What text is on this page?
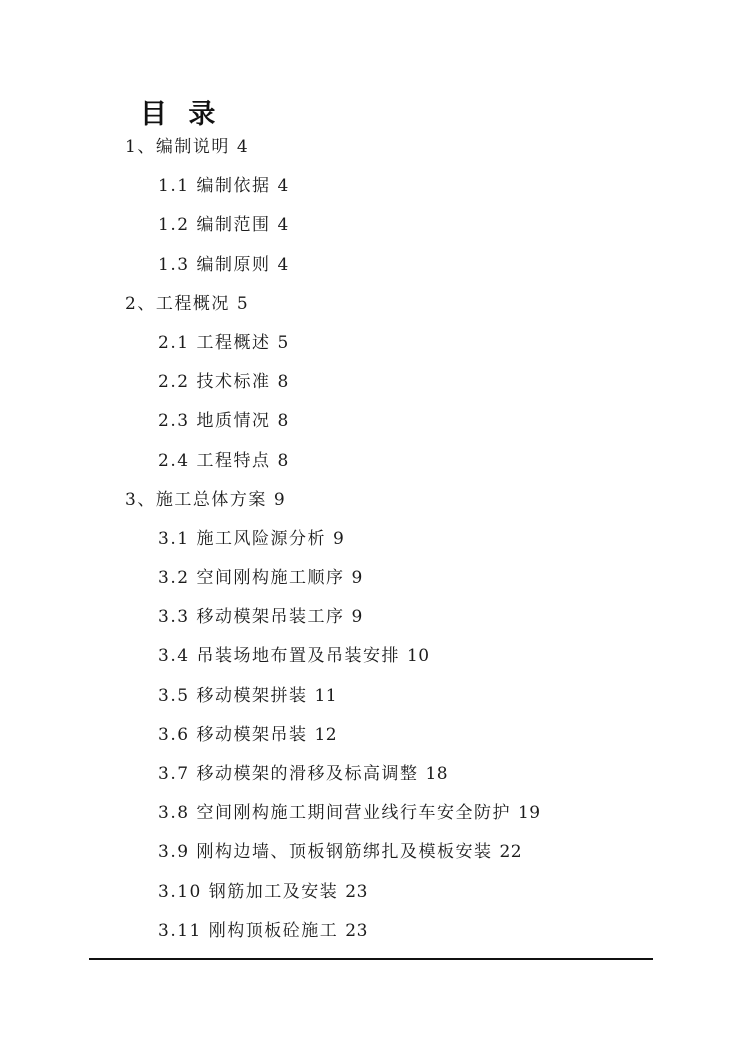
目 录
1、编制说明 4
1.1 编制依据 4
1.2 编制范围 4
1.3 编制原则 4
2、工程概况 5
2.1 工程概述 5
2.2 技术标准 8
2.3 地质情况 8
2.4 工程特点 8
3、施工总体方案 9
3.1 施工风险源分析 9
3.2 空间刚构施工顺序 9
3.3 移动模架吊装工序 9
3.4 吊装场地布置及吊装安排 10
3.5 移动模架拼装 11
3.6 移动模架吊装 12
3.7 移动模架的滑移及标高调整 18
3.8 空间刚构施工期间营业线行车安全防护 19
3.9 刚构边墙、顶板钢筋绑扎及模板安装 22
3.10 钢筋加工及安装 23
3.11 刚构顶板砼施工 23
